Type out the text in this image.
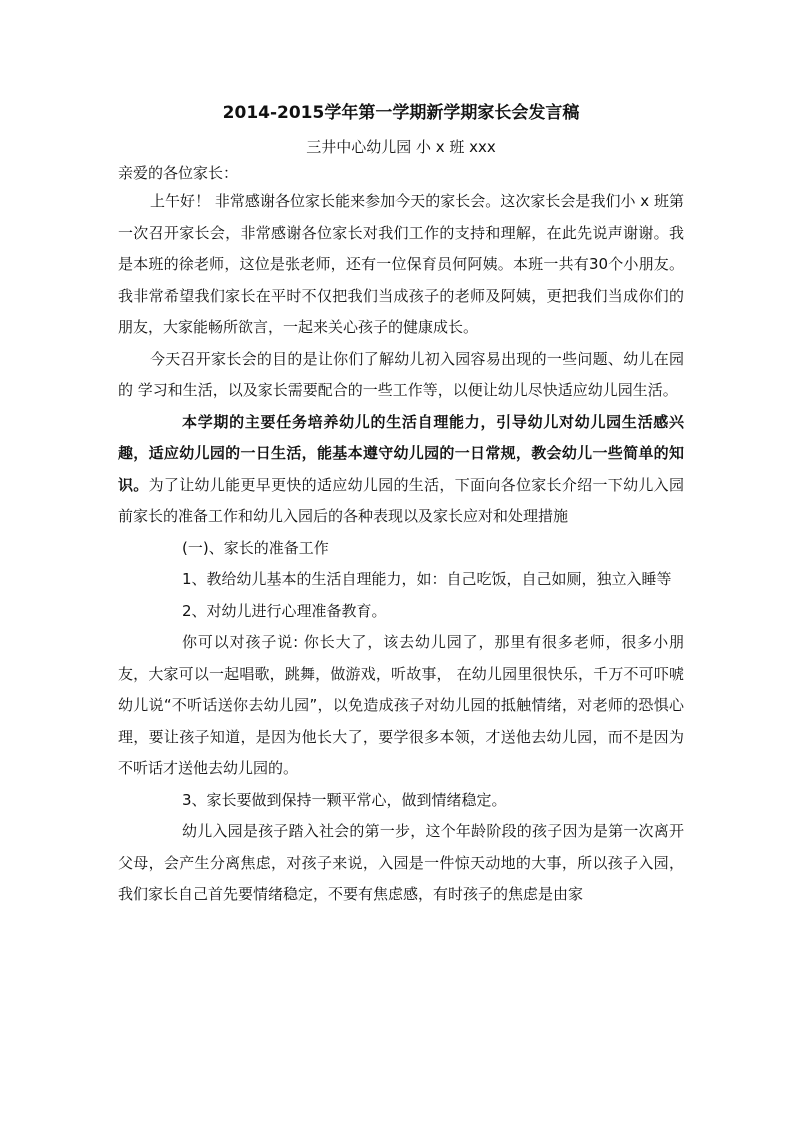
2014-2015学年第一学期新学期家长会发言稿
三井中心幼儿园 小 x 班 xxx
亲爱的各位家长：

上午好！ 非常感谢各位家长能来参加今天的家长会。这次家长会是我们小 x 班第一次召开家长会，非常感谢各位家长对我们工作的支持和理解，在此先说声谢谢。我是本班的徐老师，这位是张老师，还有一位保育员何阿姨。本班一共有30个小朋友。我非常希望我们家长在平时不仅把我们当成孩子的老师及阿姨，更把我们当成你们的朋友，大家能畅所欲言，一起来关心孩子的健康成长。

今天召开家长会的目的是让你们了解幼儿初入园容易出现的一些问题、幼儿在园的 学习和生活，以及家长需要配合的一些工作等，以便让幼儿尽快适应幼儿园生活。

本学期的主要任务培养幼儿的生活自理能力，引导幼儿对幼儿园生活感兴趣，适应幼儿园的一日生活，能基本遵守幼儿园的一日常规，教会幼儿一些简单的知识。为了让幼儿能更早更快的适应幼儿园的生活，下面向各位家长介绍一下幼儿入园前家长的准备工作和幼儿入园后的各种表现以及家长应对和处理措施

(一)、家长的准备工作

1、教给幼儿基本的生活自理能力，如：自己吃饭，自己如厕，独立入睡等

2、对幼儿进行心理准备教育。

你可以对孩子说: 你长大了，该去幼儿园了，那里有很多老师，很多小朋友，大家可以一起唱歌，跳舞，做游戏，听故事， 在幼儿园里很快乐，千万不可吓唬幼儿说“不听话送你去幼儿园”，以免造成孩子对幼儿园的抵触情绪，对老师的恐惧心理，要让孩子知道，是因为他长大了，要学很多本领，才送他去幼儿园，而不是因为不听话才送他去幼儿园的。

3、家长要做到保持一颗平常心，做到情绪稳定。

幼儿入园是孩子踏入社会的第一步，这个年龄阶段的孩子因为是第一次离开父母，会产生分离焦虑，对孩子来说，入园是一件惊天动地的大事，所以孩子入园，我们家长自己首先要情绪稳定，不要有焦虑感，有时孩子的焦虑是由家
